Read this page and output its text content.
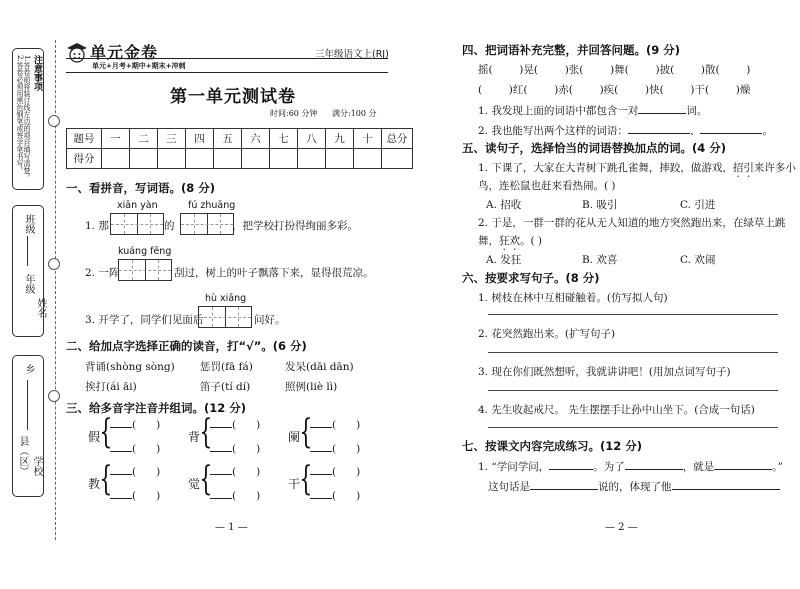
注意事项
1.答卷前将装订线左边的项目填写清楚。
2.答卷必须用黑色钢笔或签字笔书写。
班级
年级
姓名
乡
县（区） 学校
单元金卷
单元+月考+期中+期末+冲刺
三年级语文上(RJ)
第一单元测试卷
时间:60 分钟 满分:100 分
题号	一	二	三	四	五	六	七	八	九	十	总分
得分											
一、看拼音，写词语。(8 分)
xiān yàn	fú zhuāng
1. 那	的	，把学校打扮得绚丽多彩。
kuáng fēng
2. 一阵	刮过，树上的叶子飘落下来，显得很荒凉。
hù xiāng
3. 开学了，同学们见面后	问好。
二、给加点字选择正确的读音，打“√”。(6 分)
背诵(shòng sòng) 惩罚(fā fá)	发呆(dāi dān)
挨打(ái āi)	笛子(tí dí)	照例(liè lì)
三、给多音字注音并组词。(12 分)
假 {	(      )
(      )
背 {	(      )
(      )
阑 {	(      )
(      )
教 {	(      )
(      )
觉 {	(      )
(      )
干 {	(      )
(      )
— 1 —
四、把词语补充完整，并回答问题。(9 分)
摇(     )晃(     )张(     )舞(     )披(     )散(     )
(     )红(     )赤(     )疾(     )快(     )干(     )燥
1. 我发现上面的词语中都包含一对	词。
2. 我也能写出两个这样的词语：	、	。
五、读句子，选择恰当的词语替换加点的词。(4 分)
1. 下课了，大家在大青树下跳孔雀舞，摔跤，做游戏，招引来许多小
鸟，连松鼠也赶来看热闹。( )
A. 招收	B. 吸引	C. 引进
2. 于是，一群一群的花从无人知道的地方突然跑出来，在绿草上跳
舞，狂欢。( )
A. 发狂	B. 欢喜	C. 欢闹
六、按要求写句子。(8 分)
1. 树枝在林中互相碰触着。(仿写拟人句)
2. 花突然跑出来。(扩写句子)
3. 现在你们既然想听，我就讲讲吧！(用加点词写句子)
4. 先生收起戒尺。 先生摆摆手让孙中山坐下。(合成一句话)
七、按课文内容完成练习。(12 分)
1. “学问学问，	。为了	，就是	。”
这句话是	说的，体现了他
— 2 —
